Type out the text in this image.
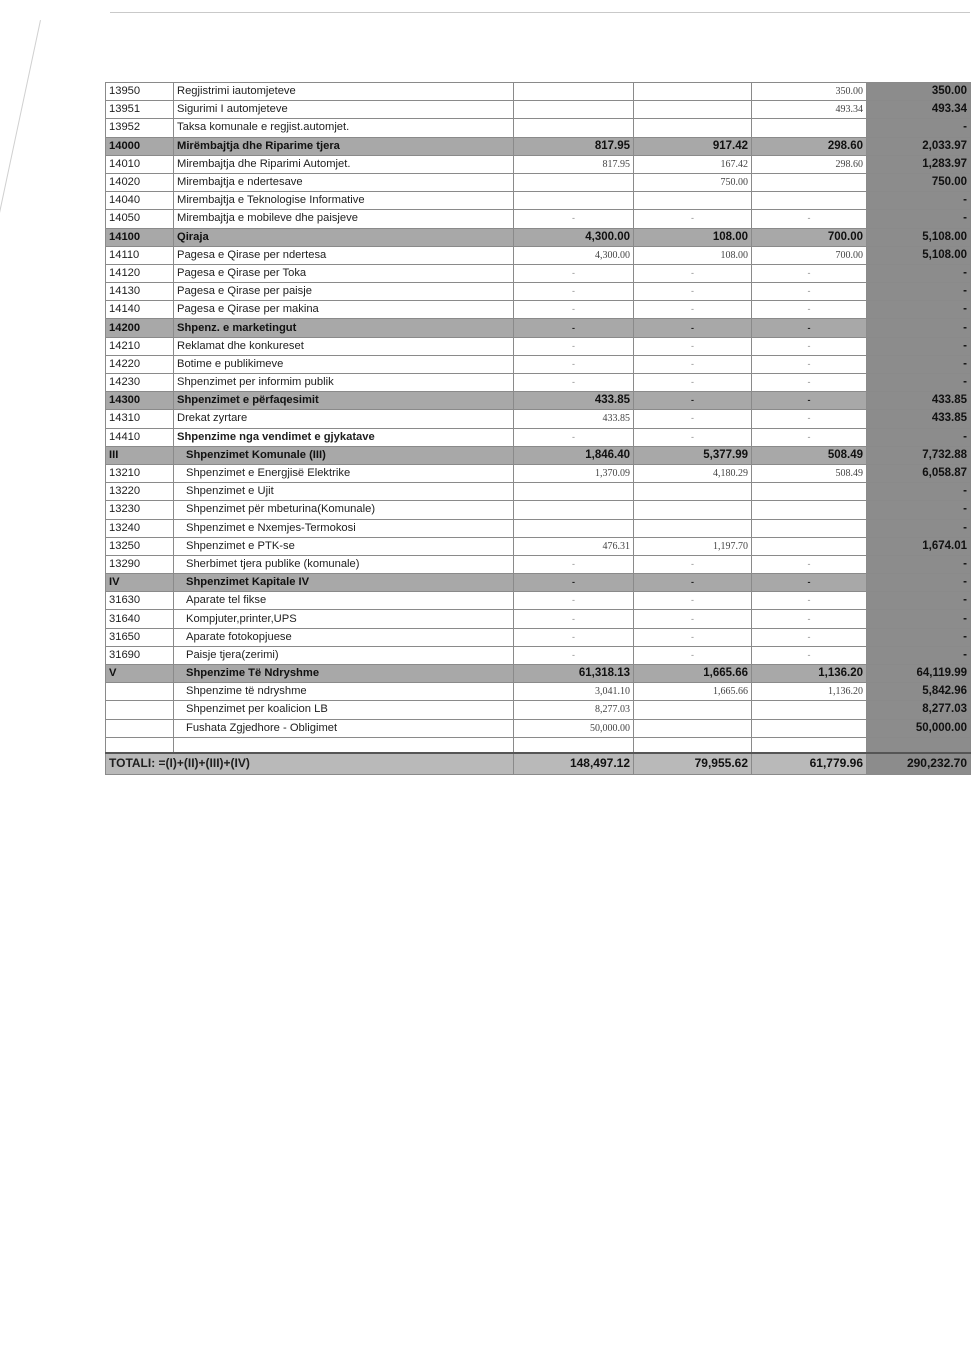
13950	Regjistrimi iautomjeteve			350.00	350.00
13951	Sigurimi I automjeteve			493.34	493.34
13952	Taksa komunale e regjist.automjet.				-
14000	Mirëmbajtja dhe Riparime tjera	817.95	917.42	298.60	2,033.97
14010	Mirembajtja dhe Riparimi Automjet.	817.95	167.42	298.60	1,283.97
14020	Mirembajtja e ndertesave		750.00		750.00
14040	Mirembajtja e Teknologise Informative				-
14050	Mirembajtja e mobileve dhe paisjeve	-	-	-	-
14100	Qiraja	4,300.00	108.00	700.00	5,108.00
14110	Pagesa e Qirase per ndertesa	4,300.00	108.00	700.00	5,108.00
14120	Pagesa e Qirase per Toka	-	-	-	-
14130	Pagesa e Qirase per paisje	-	-	-	-
14140	Pagesa e Qirase per makina	-	-	-	-
14200	Shpenz. e marketingut	-	-	-	-
14210	Reklamat dhe konkureset	-	-	-	-
14220	Botime e publikimeve	-	-	-	-
14230	Shpenzimet per informim publik	-	-	-	-
14300	Shpenzimet e përfaqesimit	433.85	-	-	433.85
14310	Drekat zyrtare	433.85	-	-	433.85
14410	Shpenzime nga vendimet e gjykatave	-	-	-	-
III	Shpenzimet Komunale (III)	1,846.40	5,377.99	508.49	7,732.88
13210	Shpenzimet e Energjisë Elektrike	1,370.09	4,180.29	508.49	6,058.87
13220	Shpenzimet e Ujit				-
13230	Shpenzimet për mbeturina(Komunale)				-
13240	Shpenzimet e Nxemjes-Termokosi				-
13250	Shpenzimet e PTK-se	476.31	1,197.70		1,674.01
13290	Sherbimet tjera publike (komunale)	-	-	-	-
IV	Shpenzimet Kapitale IV	-	-	-	-
31630	Aparate tel fikse	-	-	-	-
31640	Kompjuter,printer,UPS	-	-	-	-
31650	Aparate fotokopjuese	-	-	-	-
31690	Paisje tjera(zerimi)	-	-	-	-
V	Shpenzime Të Ndryshme	61,318.13	1,665.66	1,136.20	64,119.99
	Shpenzime të ndryshme	3,041.10	1,665.66	1,136.20	5,842.96
	Shpenzimet per koalicion LB	8,277.03			8,277.03
	Fushata Zgjedhore - Obligimet	50,000.00			50,000.00

TOTALI: =(I)+(II)+(III)+(IV)		148,497.12	79,955.62	61,779.96	290,232.70
